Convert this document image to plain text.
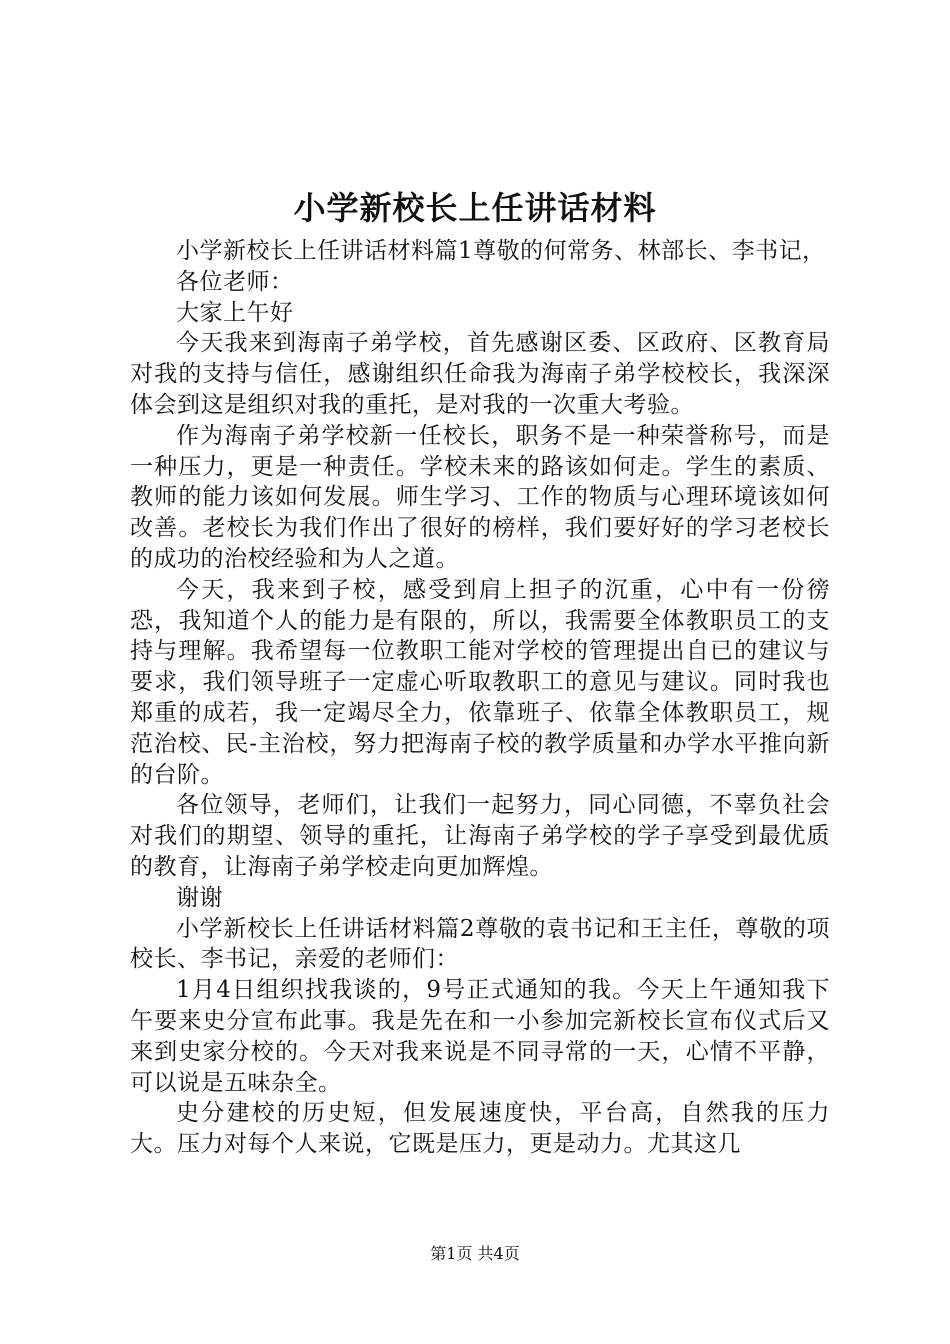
小学新校长上任讲话材料

小学新校长上任讲话材料篇1尊敬的何常务、林部长、李书记，

各位老师：

大家上午好

今天我来到海南子弟学校，首先感谢区委、区政府、区教育局对我的支持与信任，感谢组织任命我为海南子弟学校校长，我深深体会到这是组织对我的重托，是对我的一次重大考验。

作为海南子弟学校新一任校长，职务不是一种荣誉称号，而是一种压力，更是一种责任。学校未来的路该如何走。学生的素质、教师的能力该如何发展。师生学习、工作的物质与心理环境该如何改善。老校长为我们作出了很好的榜样，我们要好好的学习老校长的成功的治校经验和为人之道。

今天，我来到子校，感受到肩上担子的沉重，心中有一份徬恐，我知道个人的能力是有限的，所以，我需要全体教职员工的支持与理解。我希望每一位教职工能对学校的管理提出自已的建议与要求，我们领导班子一定虚心听取教职工的意见与建议。同时我也郑重的成若，我一定竭尽全力，依靠班子、依靠全体教职员工，规范治校、民-主治校，努力把海南子校的教学质量和办学水平推向新的台阶。

各位领导，老师们，让我们一起努力，同心同德，不辜负社会对我们的期望、领导的重托，让海南子弟学校的学子享受到最优质的教育，让海南子弟学校走向更加辉煌。

谢谢

小学新校长上任讲话材料篇2尊敬的袁书记和王主任，尊敬的项校长、李书记，亲爱的老师们：

1月4日组织找我谈的，9号正式通知的我。今天上午通知我下午要来史分宣布此事。我是先在和一小参加完新校长宣布仪式后又来到史家分校的。今天对我来说是不同寻常的一天，心情不平静，可以说是五味杂全。

史分建校的历史短，但发展速度快，平台高，自然我的压力大。压力对每个人来说，它既是压力，更是动力。尤其这几

第1页 共4页
